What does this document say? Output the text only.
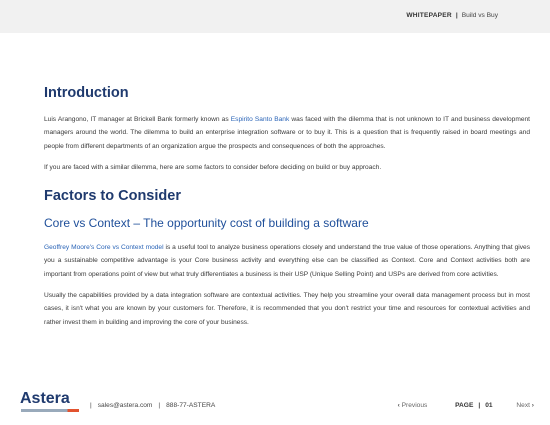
WHITEPAPER | Build vs Buy
Introduction

Luis Arangono, IT manager at Brickell Bank formerly known as Espirito Santo Bank was faced with the dilemma that is not unknown to IT and business development managers around the world. The dilemma to build an enterprise integration software or to buy it. This is a question that is frequently raised in board meetings and people from different departments of an organization argue the prospects and consequences of both the approaches.

If you are faced with a similar dilemma, here are some factors to consider before deciding on build or buy approach.

Factors to Consider
Core vs Context – The opportunity cost of building a software

Geoffrey Moore's Core vs Context model is a useful tool to analyze business operations closely and understand the true value of those operations. Anything that gives you a sustainable competitive advantage is your Core business activity and everything else can be classified as Context. Core and Context activities both are important from operations point of view but what truly differentiates a business is their USP (Unique Selling Point) and USPs are derived from core activities.

Usually the capabilities provided by a data integration software are contextual activities. They help you streamline your overall data management process but in most cases, it isn't what you are known by your customers for. Therefore, it is recommended that you don't restrict your time and resources for contextual activities and rather invest them in building and improving the core of your business.

Astera	| sales@astera.com | 888-77-ASTERA	‹ Previous	PAGE | 01	Next ›
